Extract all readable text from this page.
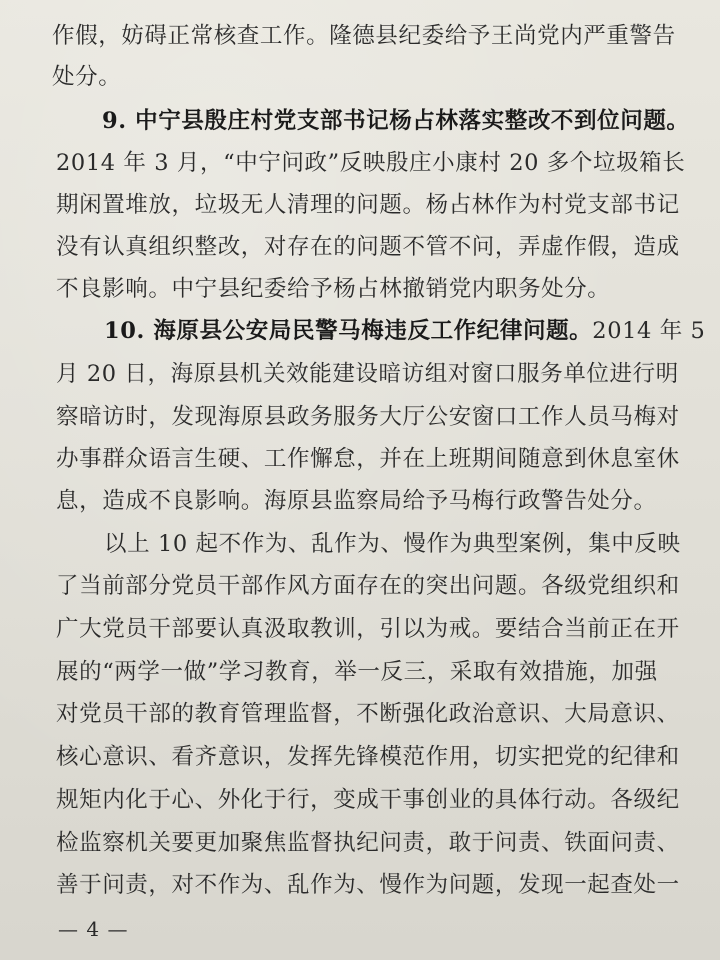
作假，妨碍正常核查工作。隆德县纪委给予王尚党内严重警告
处分。
9. 中宁县殷庄村党支部书记杨占林落实整改不到位问题。
2014 年 3 月，“中宁问政”反映殷庄小康村 20 多个垃圾箱长
期闲置堆放，垃圾无人清理的问题。杨占林作为村党支部书记
没有认真组织整改，对存在的问题不管不问，弄虚作假，造成
不良影响。中宁县纪委给予杨占林撤销党内职务处分。
10. 海原县公安局民警马梅违反工作纪律问题。2014 年 5
月 20 日，海原县机关效能建设暗访组对窗口服务单位进行明
察暗访时，发现海原县政务服务大厅公安窗口工作人员马梅对
办事群众语言生硬、工作懈怠，并在上班期间随意到休息室休
息，造成不良影响。海原县监察局给予马梅行政警告处分。
以上 10 起不作为、乱作为、慢作为典型案例，集中反映
了当前部分党员干部作风方面存在的突出问题。各级党组织和
广大党员干部要认真汲取教训，引以为戒。要结合当前正在开
展的“两学一做”学习教育，举一反三，采取有效措施，加强
对党员干部的教育管理监督，不断强化政治意识、大局意识、
核心意识、看齐意识，发挥先锋模范作用，切实把党的纪律和
规矩内化于心、外化于行，变成干事创业的具体行动。各级纪
检监察机关要更加聚焦监督执纪问责，敢于问责、铁面问责、
善于问责，对不作为、乱作为、慢作为问题，发现一起查处一
— 4 —
